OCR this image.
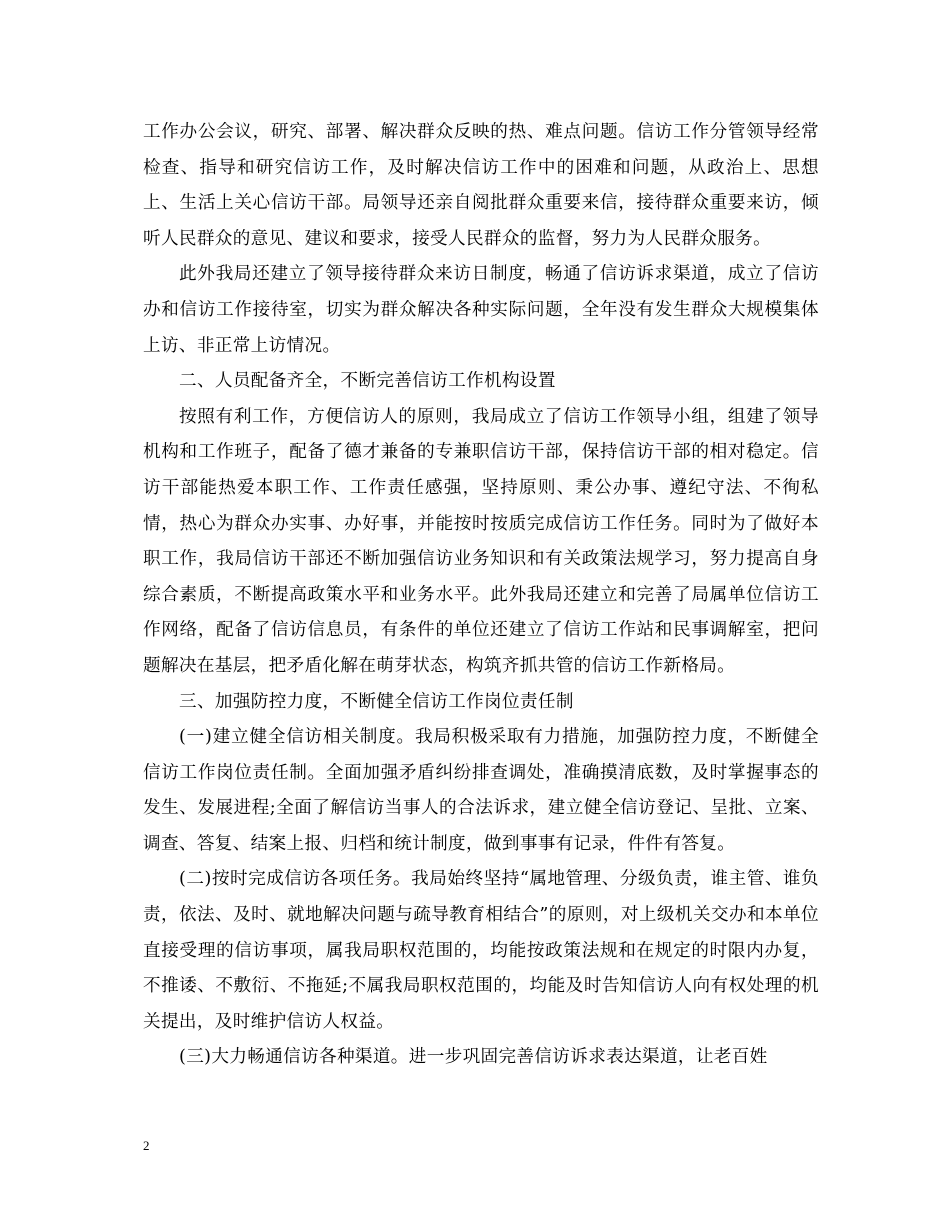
工作办公会议，研究、部署、解决群众反映的热、难点问题。信访工作分管领导经常检查、指导和研究信访工作，及时解决信访工作中的困难和问题，从政治上、思想上、生活上关心信访干部。局领导还亲自阅批群众重要来信，接待群众重要来访，倾听人民群众的意见、建议和要求，接受人民群众的监督，努力为人民群众服务。

此外我局还建立了领导接待群众来访日制度，畅通了信访诉求渠道，成立了信访办和信访工作接待室，切实为群众解决各种实际问题，全年没有发生群众大规模集体上访、非正常上访情况。

二、人员配备齐全，不断完善信访工作机构设置

按照有利工作，方便信访人的原则，我局成立了信访工作领导小组，组建了领导机构和工作班子，配备了德才兼备的专兼职信访干部，保持信访干部的相对稳定。信访干部能热爱本职工作、工作责任感强，坚持原则、秉公办事、遵纪守法、不徇私情，热心为群众办实事、办好事，并能按时按质完成信访工作任务。同时为了做好本职工作，我局信访干部还不断加强信访业务知识和有关政策法规学习，努力提高自身综合素质，不断提高政策水平和业务水平。此外我局还建立和完善了局属单位信访工作网络，配备了信访信息员，有条件的单位还建立了信访工作站和民事调解室，把问题解决在基层，把矛盾化解在萌芽状态，构筑齐抓共管的信访工作新格局。

三、加强防控力度，不断健全信访工作岗位责任制

(一)建立健全信访相关制度。我局积极采取有力措施，加强防控力度，不断健全信访工作岗位责任制。全面加强矛盾纠纷排查调处，准确摸清底数，及时掌握事态的发生、发展进程;全面了解信访当事人的合法诉求，建立健全信访登记、呈批、立案、调查、答复、结案上报、归档和统计制度，做到事事有记录，件件有答复。

(二)按时完成信访各项任务。我局始终坚持“属地管理、分级负责，谁主管、谁负责，依法、及时、就地解决问题与疏导教育相结合”的原则，对上级机关交办和本单位直接受理的信访事项，属我局职权范围的，均能按政策法规和在规定的时限内办复，不推诿、不敷衍、不拖延;不属我局职权范围的，均能及时告知信访人向有权处理的机关提出，及时维护信访人权益。

(三)大力畅通信访各种渠道。进一步巩固完善信访诉求表达渠道，让老百姓

2
